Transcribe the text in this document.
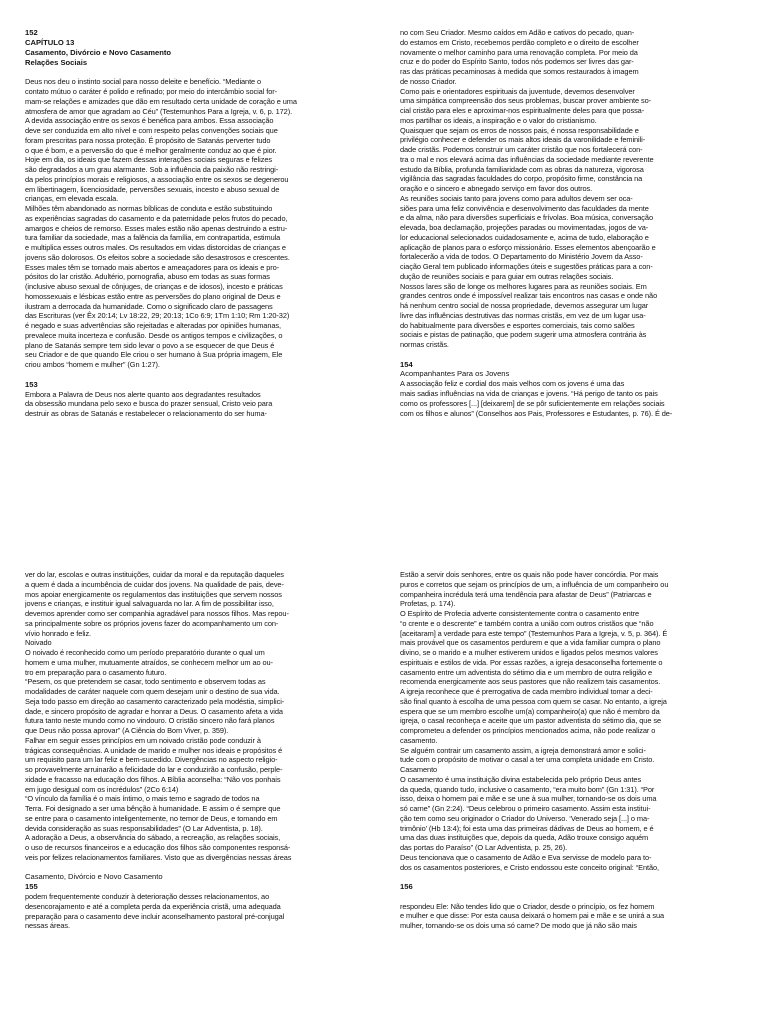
152
CAPÍTULO 13
Casamento, Divórcio e Novo Casamento
Relações Sociais

Deus nos deu o instinto social para nosso deleite e benefício. “Mediante o

contato mútuo o caráter é polido e refinado; por meio do intercâmbio social for-

mam-se relações e amizades que dão em resultado certa unidade de coração e uma

atmosfera de amor que agradam ao Céu” (Testemunhos Para a Igreja, v. 6, p. 172).

A devida associação entre os sexos é benéfica para ambos. Essa associação

deve ser conduzida em alto nível e com respeito pelas convenções sociais que

foram prescritas para nossa proteção. É propósito de Satanás perverter tudo

o que é bom, e a perversão do que é melhor geralmente conduz ao que é pior.

Hoje em dia, os ideais que fazem dessas interações sociais seguras e felizes

são degradados a um grau alarmante. Sob a influência da paixão não restringi-

da pelos princípios morais e religiosos, a associação entre os sexos se degenerou

em libertinagem, licenciosidade, perversões sexuais, incesto e abuso sexual de

crianças, em elevada escala.

Milhões têm abandonado as normas bíblicas de conduta e estão substituindo

as experiências sagradas do casamento e da paternidade pelos frutos do pecado,

amargos e cheios de remorso. Esses males estão não apenas destruindo a estru-

tura familiar da sociedade, mas a falência da família, em contrapartida, estimula

e multiplica esses outros males. Os resultados em vidas distorcidas de crianças e

jovens são dolorosos. Os efeitos sobre a sociedade são desastrosos e crescentes.

Esses males têm se tornado mais abertos e ameaçadores para os ideais e pro-

pósitos do lar cristão. Adultério, pornografia, abuso em todas as suas formas

(inclusive abuso sexual de cônjuges, de crianças e de idosos), incesto e práticas

homossexuais e lésbicas estão entre as perversões do plano original de Deus e

ilustram a derrocada da humanidade. Como o significado claro de passagens

das Escrituras (ver Êx 20:14; Lv 18:22, 29; 20:13; 1Co 6:9; 1Tm 1:10; Rm 1:20-32)

é negado e suas advertências são rejeitadas e alteradas por opiniões humanas,

prevalece muita incerteza e confusão. Desde os antigos tempos e civilizações, o

plano de Satanás sempre tem sido levar o povo a se esquecer de que Deus é

seu Criador e de que quando Ele criou o ser humano à Sua própria imagem, Ele

criou ambos “homem e mulher” (Gn 1:27).

153

Embora a Palavra de Deus nos alerte quanto aos degradantes resultados

da obsessão mundana pelo sexo e busca do prazer sensual, Cristo veio para

destruir as obras de Satanás e restabelecer o relacionamento do ser huma-

no com Seu Criador. Mesmo caídos em Adão e cativos do pecado, quan-

do estamos em Cristo, recebemos perdão completo e o direito de escolher

novamente o melhor caminho para uma renovação completa. Por meio da

cruz e do poder do Espírito Santo, todos nós podemos ser livres das gar-

ras das práticas pecaminosas à medida que somos restaurados à imagem

de nosso Criador.

Como pais e orientadores espirituais da juventude, devemos desenvolver

uma simpática compreensão dos seus problemas, buscar prover ambiente so-

cial cristão para eles e aproximar-nos espiritualmente deles para que possa-

mos partilhar os ideais, a inspiração e o valor do cristianismo.

Quaisquer que sejam os erros de nossos pais, é nossa responsabilidade e

privilégio conhecer e defender os mais altos ideais da varonilidade e feminili-

dade cristãs. Podemos construir um caráter cristão que nos fortalecerá con-

tra o mal e nos elevará acima das influências da sociedade mediante reverente

estudo da Bíblia, profunda familiaridade com as obras da natureza, vigorosa

vigilância das sagradas faculdades do corpo, propósito firme, constância na

oração e o sincero e abnegado serviço em favor dos outros.

As reuniões sociais tanto para jovens como para adultos devem ser oca-

siões para uma feliz convivência e desenvolvimento das faculdades da mente

e da alma, não para diversões superficiais e frívolas. Boa música, conversação

elevada, boa declamação, projeções paradas ou movimentadas, jogos de va-

lor educacional selecionados cuidadosamente e, acima de tudo, elaboração e

aplicação de planos para o esforço missionário. Esses elementos abençoarão e

fortalecerão a vida de todos. O Departamento do Ministério Jovem da Asso-

ciação Geral tem publicado informações úteis e sugestões práticas para a con-

dução de reuniões sociais e para guiar em outras relações sociais.

Nossos lares são de longe os melhores lugares para as reuniões sociais. Em

grandes centros onde é impossível realizar tais encontros nas casas e onde não

há nenhum centro social de nossa propriedade, devemos assegurar um lugar

livre das influências destrutivas das normas cristãs, em vez de um lugar usa-

do habitualmente para diversões e esportes comerciais, tais como salões

sociais e pistas de patinação, que podem sugerir uma atmosfera contrária às

normas cristãs.

154
Acompanhantes Para os Jovens

A associação feliz e cordial dos mais velhos com os jovens é uma das

mais sadias influências na vida de crianças e jovens. “Há perigo de tanto os pais

como os professores [...] [deixarem] de se pôr suficientemente em relações sociais

com os filhos e alunos” (Conselhos aos Pais, Professores e Estudantes, p. 76). É de-

ver do lar, escolas e outras instituições, cuidar da moral e da reputação daqueles

a quem é dada a incumbência de cuidar dos jovens. Na qualidade de pais, deve-

mos apoiar energicamente os regulamentos das instituições que servem nossos

jovens e crianças, e instituir igual salvaguarda no lar. A fim de possibilitar isso,

devemos aprender como ser companhia agradável para nossos filhos. Mas repou-

sa principalmente sobre os próprios jovens fazer do acompanhamento um con-

vívio honrado e feliz.

Noivado

O noivado é reconhecido como um período preparatório durante o qual um

homem e uma mulher, mutuamente atraídos, se conhecem melhor um ao ou-

tro em preparação para o casamento futuro.

“Pesem, os que pretendem se casar, todo sentimento e observem todas as

modalidades de caráter naquele com quem desejam unir o destino de sua vida.

Seja todo passo em direção ao casamento caracterizado pela modéstia, simplici-

dade, e sincero propósito de agradar e honrar a Deus. O casamento afeta a vida

futura tanto neste mundo como no vindouro. O cristão sincero não fará planos

que Deus não possa aprovar” (A Ciência do Bom Viver, p. 359).

Falhar em seguir esses princípios em um noivado cristão pode conduzir à

trágicas consequências. A unidade de marido e mulher nos ideais e propósitos é

um requisito para um lar feliz e bem-sucedido. Divergências no aspecto religio-

so provavelmente arruinarão a felicidade do lar e conduzirão a confusão, perple-

xidade e fracasso na educação dos filhos. A Bíblia aconselha: “Não vos ponhais

em jugo desigual com os incrédulos” (2Co 6:14)

“O vínculo da família é o mais íntimo, o mais terno e sagrado de todos na

Terra. Foi designado a ser uma bênção à humanidade. E assim o é sempre que

se entre para o casamento inteligentemente, no temor de Deus, e tomando em

devida consideração as suas responsabilidades” (O Lar Adventista, p. 18).

A adoração a Deus, a observância do sábado, a recreação, as relações sociais,

o uso de recursos financeiros e a educação dos filhos são componentes responsá-

veis por felizes relacionamentos familiares. Visto que as divergências nessas áreas

Casamento, Divórcio e Novo Casamento
155

podem frequentemente conduzir à deterioração desses relacionamentos, ao

desencorajamento e até a completa perda da experiência cristã, uma adequada

preparação para o casamento deve incluir aconselhamento pastoral pré-conjugal

nessas áreas.

Estão a servir dois senhores, entre os quais não pode haver concórdia. Por mais

puros e corretos que sejam os princípios de um, a influência de um companheiro ou

companheira incrédula terá uma tendência para afastar de Deus” (Patriarcas e

Profetas, p. 174).

O Espírito de Profecia adverte consistentemente contra o casamento entre

“o crente e o descrente” e também contra a união com outros cristãos que “não

[aceitaram] a verdade para este tempo” (Testemunhos Para a Igreja, v. 5, p. 364). É

mais provável que os casamentos perdurem e que a vida familiar cumpra o plano

divino, se o marido e a mulher estiverem unidos e ligados pelos mesmos valores

espirituais e estilos de vida. Por essas razões, a igreja desaconselha fortemente o

casamento entre um adventista do sétimo dia e um membro de outra religião e

recomenda energicamente aos seus pastores que não realizem tais casamentos.

A igreja reconhece que é prerrogativa de cada membro individual tomar a deci-

são final quanto à escolha de uma pessoa com quem se casar. No entanto, a igreja

espera que se um membro escolhe um(a) companheiro(a) que não é membro da

igreja, o casal reconheça e aceite que um pastor adventista do sétimo dia, que se

comprometeu a defender os princípios mencionados acima, não pode realizar o

casamento.

Se alguém contrair um casamento assim, a igreja demonstrará amor e solici-

tude com o propósito de motivar o casal a ter uma completa unidade em Cristo.

Casamento

O casamento é uma instituição divina estabelecida pelo próprio Deus antes

da queda, quando tudo, inclusive o casamento, “era muito bom” (Gn 1:31). “Por

isso, deixa o homem pai e mãe e se une à sua mulher, tornando-se os dois uma

só carne” (Gn 2:24). “Deus celebrou o primeiro casamento. Assim esta institui-

ção tem como seu originador o Criador do Universo. ‘Venerado seja [...] o ma-

trimônio’ (Hb 13:4); foi esta uma das primeiras dádivas de Deus ao homem, e é

uma das duas instituições que, depois da queda, Adão trouxe consigo aquém

das portas do Paraíso” (O Lar Adventista, p. 25, 26).

Deus tencionava que o casamento de Adão e Eva servisse de modelo para to-

dos os casamentos posteriores, e Cristo endossou este conceito original: “Então,

156

respondeu Ele: Não tendes lido que o Criador, desde o princípio, os fez homem

e mulher e que disse: Por esta causa deixará o homem pai e mãe e se unirá a sua

mulher, tornando-se os dois uma só carne? De modo que já não são mais
